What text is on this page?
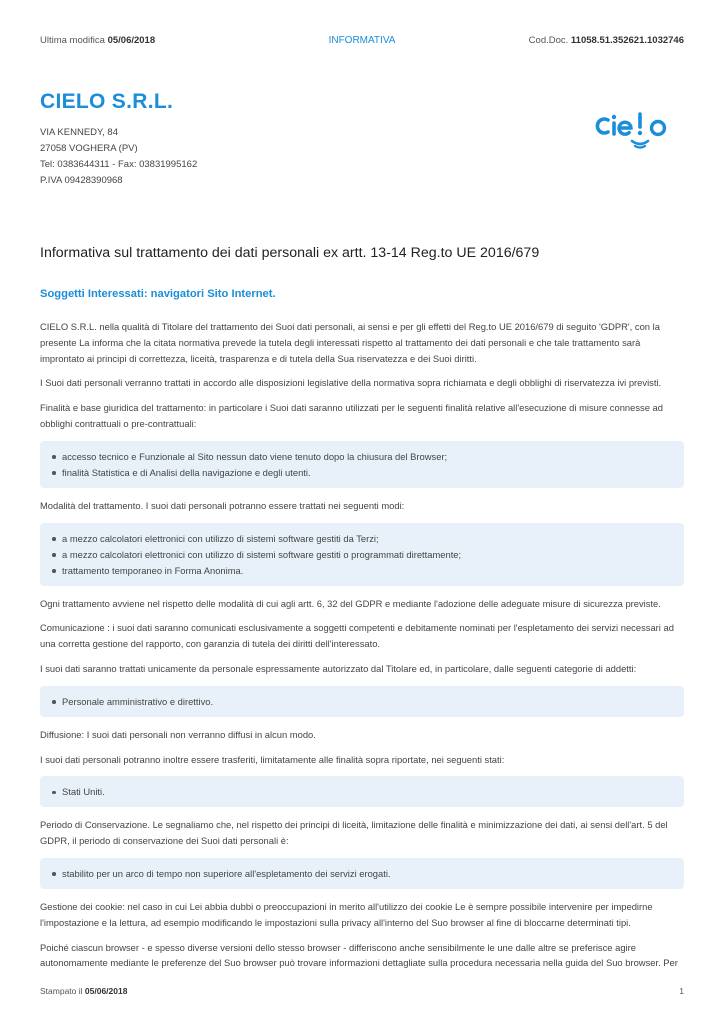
Ultima modifica 05/06/2018	INFORMATIVA	Cod.Doc. 11058.51.352621.1032746
CIELO S.R.L.
VIA KENNEDY, 84
27058 VOGHERA (PV)
Tel: 0383644311 - Fax: 03831995162
P.IVA 09428390968
Informativa sul trattamento dei dati personali ex artt. 13-14 Reg.to UE 2016/679
Soggetti Interessati: navigatori Sito Internet.

CIELO S.R.L. nella qualità di Titolare del trattamento dei Suoi dati personali, ai sensi e per gli effetti del Reg.to UE 2016/679 di seguito 'GDPR', con la presente La informa che la citata normativa prevede la tutela degli interessati rispetto al trattamento dei dati personali e che tale trattamento sarà improntato ai principi di correttezza, liceità, trasparenza e di tutela della Sua riservatezza e dei Suoi diritti.

I Suoi dati personali verranno trattati in accordo alle disposizioni legislative della normativa sopra richiamata e degli obblighi di riservatezza ivi previsti.

Finalità e base giuridica del trattamento: in particolare i Suoi dati saranno utilizzati per le seguenti finalità relative all'esecuzione di misure connesse ad obblighi contrattuali o pre-contrattuali:

accesso tecnico e Funzionale al Sito nessun dato viene tenuto dopo la chiusura del Browser;
finalità Statistica e di Analisi della navigazione e degli utenti.

Modalità del trattamento. I suoi dati personali potranno essere trattati nei seguenti modi:

a mezzo calcolatori elettronici con utilizzo di sistemi software gestiti da Terzi;
a mezzo calcolatori elettronici con utilizzo di sistemi software gestiti o programmati direttamente;
trattamento temporaneo in Forma Anonima.

Ogni trattamento avviene nel rispetto delle modalità di cui agli artt. 6, 32 del GDPR e mediante l'adozione delle adeguate misure di sicurezza previste.

Comunicazione : i suoi dati saranno comunicati esclusivamente a soggetti competenti e debitamente nominati per l'espletamento dei servizi necessari ad una corretta gestione del rapporto, con garanzia di tutela dei diritti dell'interessato.

I suoi dati saranno trattati unicamente da personale espressamente autorizzato dal Titolare ed, in particolare, dalle seguenti categorie di addetti:

Personale amministrativo e direttivo.

Diffusione: I suoi dati personali non verranno diffusi in alcun modo.

I suoi dati personali potranno inoltre essere trasferiti, limitatamente alle finalità sopra riportate, nei seguenti stati:

Stati Uniti.

Periodo di Conservazione. Le segnaliamo che, nel rispetto dei principi di liceità, limitazione delle finalità e minimizzazione dei dati, ai sensi dell'art. 5 del GDPR, il periodo di conservazione dei Suoi dati personali è:

stabilito per un arco di tempo non superiore all'espletamento dei servizi erogati.

Gestione dei cookie: nel caso in cui Lei abbia dubbi o preoccupazioni in merito all'utilizzo dei cookie Le è sempre possibile intervenire per impedirne l'impostazione e la lettura, ad esempio modificando le impostazioni sulla privacy all'interno del Suo browser al fine di bloccarne determinati tipi.

Poiché ciascun browser - e spesso diverse versioni dello stesso browser - differiscono anche sensibilmente le une dalle altre se preferisce agire autonomamente mediante le preferenze del Suo browser può trovare informazioni dettagliate sulla procedura necessaria nella guida del Suo browser. Per

Stampato il 05/06/2018	1
